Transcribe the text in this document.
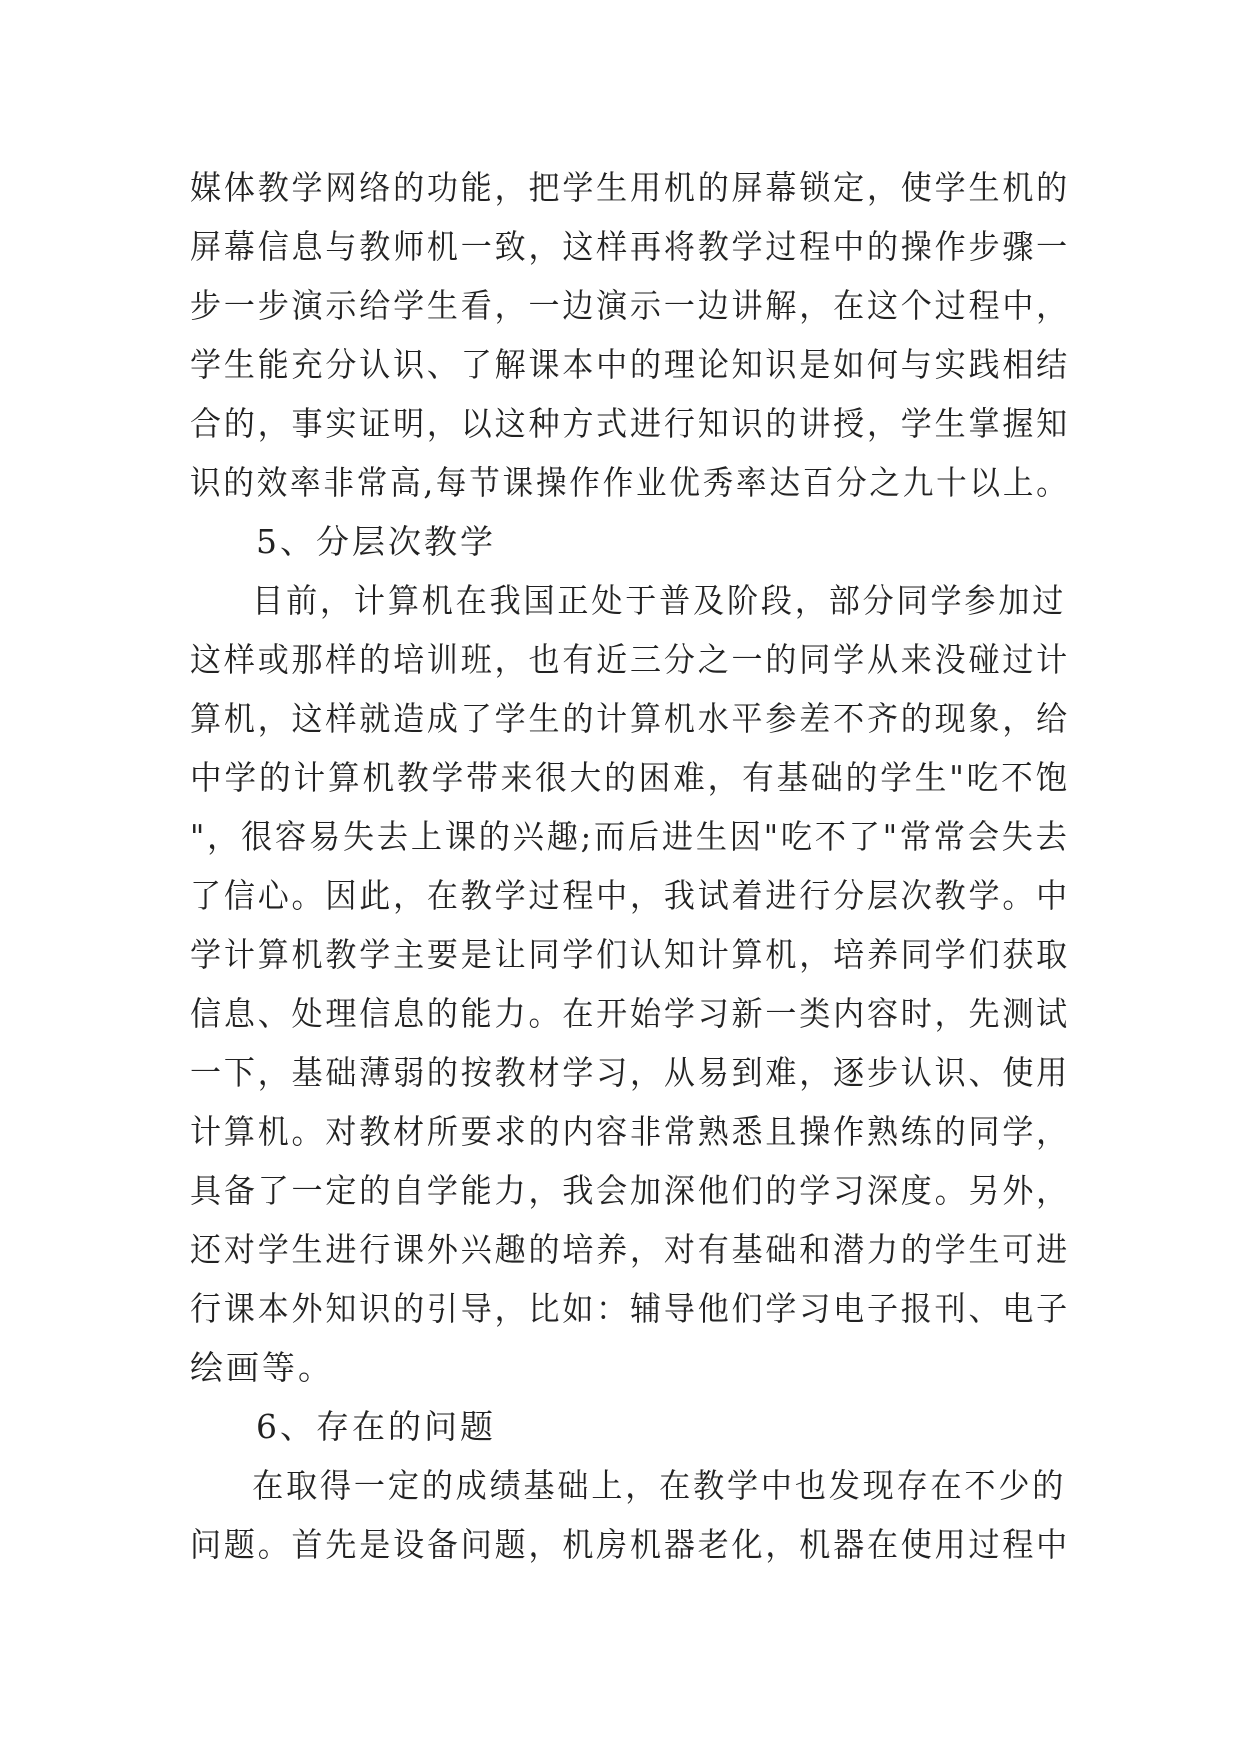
媒体教学网络的功能，把学生用机的屏幕锁定，使学生机的
屏幕信息与教师机一致，这样再将教学过程中的操作步骤一
步一步演示给学生看，一边演示一边讲解，在这个过程中，
学生能充分认识、了解课本中的理论知识是如何与实践相结
合的，事实证明，以这种方式进行知识的讲授，学生掌握知
识的效率非常高,每节课操作作业优秀率达百分之九十以上。
5、分层次教学
目前，计算机在我国正处于普及阶段，部分同学参加过
这样或那样的培训班，也有近三分之一的同学从来没碰过计
算机，这样就造成了学生的计算机水平参差不齐的现象，给
中学的计算机教学带来很大的困难，有基础的学生"吃不饱
"，很容易失去上课的兴趣;而后进生因"吃不了"常常会失去
了信心。因此，在教学过程中，我试着进行分层次教学。中
学计算机教学主要是让同学们认知计算机，培养同学们获取
信息、处理信息的能力。在开始学习新一类内容时，先测试
一下，基础薄弱的按教材学习，从易到难，逐步认识、使用
计算机。对教材所要求的内容非常熟悉且操作熟练的同学，
具备了一定的自学能力，我会加深他们的学习深度。另外，
还对学生进行课外兴趣的培养，对有基础和潜力的学生可进
行课本外知识的引导，比如：辅导他们学习电子报刊、电子
绘画等。
6、存在的问题
在取得一定的成绩基础上，在教学中也发现存在不少的
问题。首先是设备问题，机房机器老化，机器在使用过程中
